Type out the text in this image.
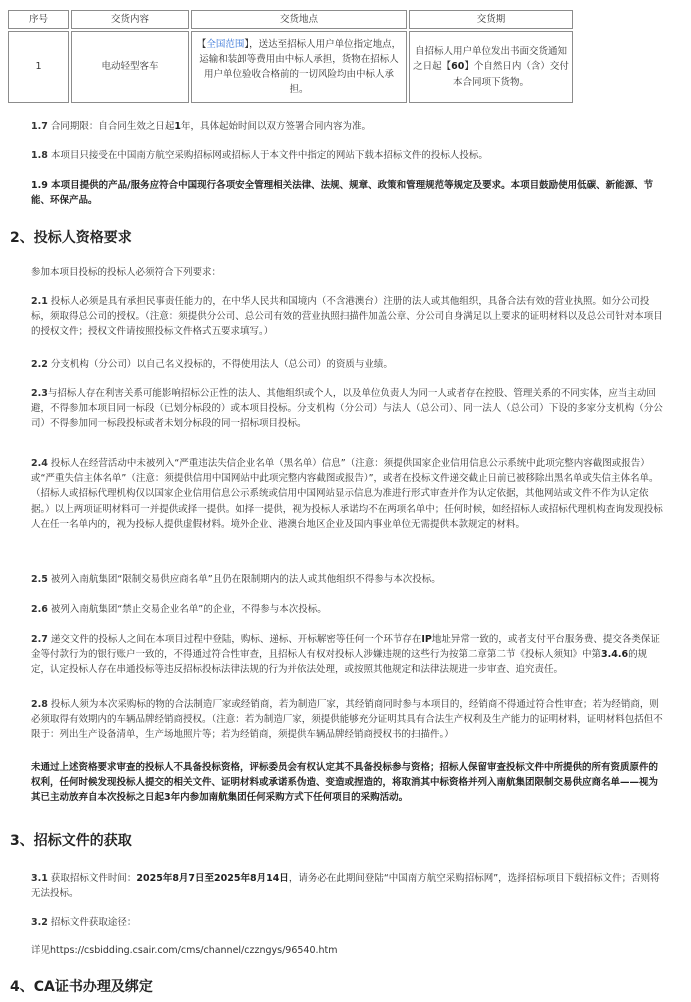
序号	交货内容	交货地点	交货期
1	电动轻型客车	【全国范围】，送达至招标人用户单位指定地点，运输和装卸等费用由中标人承担，货物在招标人用户单位验收合格前的一切风险均由中标人承担。	自招标人用户单位发出书面交货通知之日起【60】个自然日内（含）交付本合同项下货物。

1.7 合同期限：自合同生效之日起1年，具体起始时间以双方签署合同内容为准。

1.8 本项目只接受在中国南方航空采购招标网或招标人于本文件中指定的网站下载本招标文件的投标人投标。

1.9 本项目提供的产品/服务应符合中国现行各项安全管理相关法律、法规、规章、政策和管理规范等规定及要求。本项目鼓励使用低碳、新能源、节能、环保产品。

2、投标人资格要求

参加本项目投标的投标人必须符合下列要求：

2.1 投标人必须是具有承担民事责任能力的，在中华人民共和国境内（不含港澳台）注册的法人或其他组织，具备合法有效的营业执照。如分公司投标，须取得总公司的授权。（注意：须提供分公司、总公司有效的营业执照扫描件加盖公章、分公司自身满足以上要求的证明材料以及总公司针对本项目的授权文件；授权文件请按照投标文件格式五要求填写。）

2.2 分支机构（分公司）以自己名义投标的，不得使用法人（总公司）的资质与业绩。

2.3与招标人存在利害关系可能影响招标公正性的法人、其他组织或个人，以及单位负责人为同一人或者存在控股、管理关系的不同实体，应当主动回避，不得参加本项目同一标段（已划分标段的）或本项目投标。分支机构（分公司）与法人（总公司）、同一法人（总公司）下设的多家分支机构（分公司）不得参加同一标段投标或者未划分标段的同一招标项目投标。

2.4 投标人在经营活动中未被列入“严重违法失信企业名单（黑名单）信息”（注意：须提供国家企业信用信息公示系统中此项完整内容截图或报告）或“严重失信主体名单”（注意：须提供信用中国网站中此项完整内容截图或报告）”，或者在投标文件递交截止日前已被移除出黑名单或失信主体名单。（招标人或招标代理机构仅以国家企业信用信息公示系统或信用中国网站显示信息为准进行形式审查并作为认定依据，其他网站或文件不作为认定依据。）以上两项证明材料可一并提供或择一提供。如择一提供，视为投标人承诺均不在两项名单中；任何时候，如经招标人或招标代理机构查询发现投标人在任一名单内的，视为投标人提供虚假材料。境外企业、港澳台地区企业及国内事业单位无需提供本款规定的材料。

2.5 被列入南航集团“限制交易供应商名单”且仍在限制期内的法人或其他组织不得参与本次投标。

2.6 被列入南航集团“禁止交易企业名单”的企业，不得参与本次投标。

2.7 递交文件的投标人之间在本项目过程中登陆，购标、递标、开标解密等任何一个环节存在IP地址异常一致的，或者支付平台服务费、提交各类保证金等付款行为的银行账户一致的，不得通过符合性审查，且招标人有权对投标人涉嫌违规的这些行为按第二章第二节《投标人须知》中第3.4.6的规定，认定投标人存在串通投标等违反招标投标法律法规的行为并依法处理，或按照其他规定和法律法规进一步审查、追究责任。

2.8 投标人须为本次采购标的物的合法制造厂家或经销商，若为制造厂家，其经销商同时参与本项目的，经销商不得通过符合性审查；若为经销商，则必须取得有效期内的车辆品牌经销商授权。（注意：若为制造厂家，须提供能够充分证明其具有合法生产权利及生产能力的证明材料，证明材料包括但不限于：列出生产设备清单，生产场地照片等；若为经销商，须提供车辆品牌经销商授权书的扫描件。）

未通过上述资格要求审查的投标人不具备投标资格，评标委员会有权认定其不具备投标参与资格；招标人保留审查投标文件中所提供的所有资质原件的权利，任何时候发现投标人提交的相关文件、证明材料或承诺系伪造、变造或捏造的，将取消其中标资格并列入南航集团限制交易供应商名单——视为其已主动放弃自本次投标之日起3年内参加南航集团任何采购方式下任何项目的采购活动。

3、招标文件的获取

3.1 获取招标文件时间：2025年8月7日至2025年8月14日，请务必在此期间登陆“中国南方航空采购招标网”，选择招标项目下载招标文件；否则将无法投标。

3.2 招标文件获取途径：

详见https://csbidding.csair.com/cms/channel/czzngys/96540.htm

4、CA证书办理及绑定
